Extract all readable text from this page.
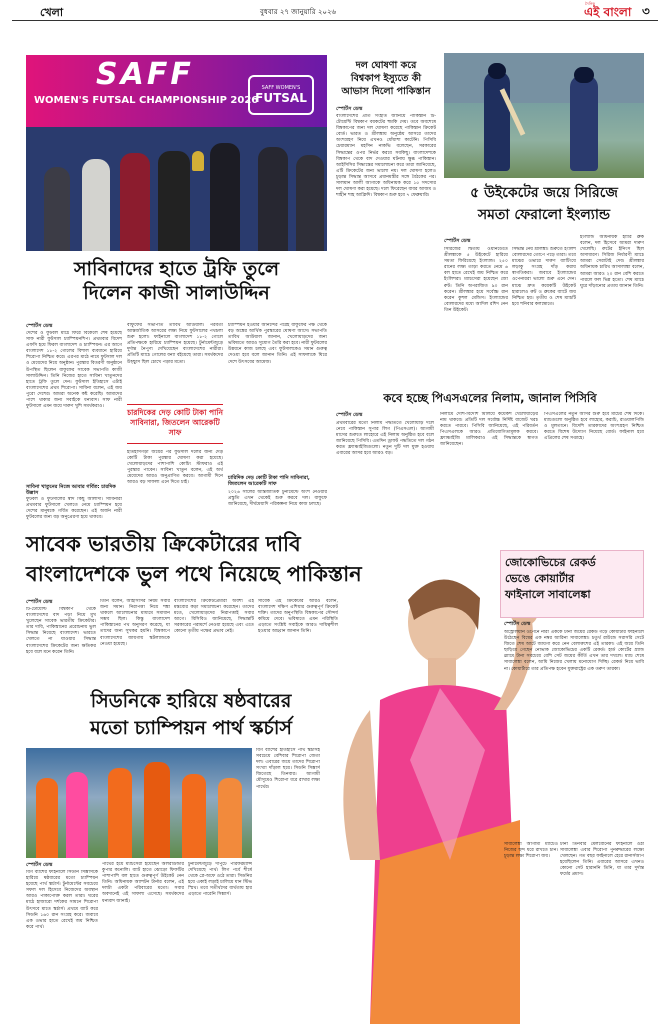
খেলা	বুধবার ২৭ জানুয়ারি ২০২৬
দৈনিক
এই বাংলা ৩
SAFF
WOMEN'S FUTSAL CHAMPIONSHIP 2026
SAFF WOMEN'S
FUTSAL
সাবিনাদের হাতে ট্রফি তুলে
দিলেন কাজী সালাউদ্দিন
স্পোর্টস ডেস্ক
দেশের ও ফুটবল মাঠে ফিরে বিকেলে শেষ হয়েছে সাফ নারী ফুটসাল চ্যাম্পিয়নশিপ। প্রথমবার বিদেশ এফসি হয়ে ফিরল বাংলাদেশ ও চ্যাম্পিয়ন। এর আগে বাংলাদেশ ১৮-২ গোলের বিশাল ব্যবধানে হারিয়ে শিরোপা নিশ্চিত করে। এরপর মাঠে নামে ফুটসাল দল ও মেয়েদের নিয়ে অনুষ্ঠান। পুরস্কার বিতরণী অনুষ্ঠানে উপস্থিত ছিলেন বাফুফের সাবেক সভাপতি কাজী সালাউদ্দিন। তিনি নিজের হাতে সাবিনা খাতুনদের হাতে ট্রফি তুলে দেন। ফুটসাল ইতিহাসে এটাই বাংলাদেশের প্রথম শিরোপা। সাবিনা বলেন, এই জয় পুরো দেশের। আমরা অনেক কষ্ট করেছি। আমাদের পাশে থাকার জন্য সবাইকে ধন্যবাদ। সাফ নারী ফুটসালে এমন জয়ে দারুণ খুশি সমর্থকরাও।
সাবিনা খাতুনের নিজে আবার গর্বিত: চারদিক উল্লাস
ফুটবল ও ফুটসালের স্বাদ কিছু আলাদা। সাবিনারা প্রথমবার ফুটসালে খেলতে নেমে চ্যাম্পিয়ন হয়ে দেশের মানুষকে গর্বিত করেছেন। এই অর্জন নারী ফুটবলের জন্য বড় অনুপ্রেরণা হয়ে থাকবে।
বাফুফের সভাপতি তাবিথ আউয়াল। পরবর্তী আন্তর্জাতিক আসরের লক্ষ্য নিয়ে ফুটসালের পথচলা শুরু হলো। ফাইনালে বাংলাদেশ ১৮-২ গোলে প্রতিপক্ষকে হারিয়ে চ্যাম্পিয়ন হয়েছে। টুর্নামেন্টজুড়ে দুর্দান্ত নৈপুণ্য দেখিয়েছেন বাংলাদেশের নারীরা। প্রতিটি ম্যাচে গোলের বন্যা বইয়েছে তারা। সমর্থকদের উচ্ছ্বাস ছিল চোখে পড়ার মতো।
চারদিকের দেড় কোটি টাকা পানি সাবিনারা, জিতলেন আরেকটি সাফ
ইতিহাসগড়া জয়ের পর ফুটসাল দলের জন্য দেড় কোটি টাকা পুরস্কার ঘোষণা করা হয়েছে। খেলোয়াড়দের পাশাপাশি কোচিং স্টাফরাও এই পুরস্কার পাবেন। সাবিনা খাতুন বলেন, এই অর্থ মেয়েদের আরও অনুপ্রাণিত করবে। আগামী দিনে আরও বড় সাফল্য এনে দিতে চাই।
চ্যাম্পিয়ন হওয়ার আনন্দের পরেই বাফুফের পক্ষ থেকে বড় অঙ্কের আর্থিক পুরস্কারের ঘোষণা আসে। সভাপতি তাবিথ আউয়াল জানান, খেলোয়াড়দের জন্য ভবিষ্যতে আরও সুযোগ তৈরি করা হবে। নারী ফুটবলের উন্নয়নে কাজ চলছে এবং ফুটসালকেও সমান গুরুত্ব দেওয়া হবে বলে জানান তিনি। এই সাফল্যকে ঘিরে দেশে উৎসবের আমেজ।
চারিদিক দেড় কোটি টাকা পানি সাবিনারা, জিতলেন আরেকটি সাফ
২০২৬ সালের আন্তর্জাতিক টুর্নামেন্টে অংশ নেওয়ার প্রস্তুতি এখন থেকেই শুরু করবে দল। বাফুফে জানিয়েছে, দীর্ঘমেয়াদি পরিকল্পনা নিয়ে কাজ চলছে।
দল ঘোষণা করে
বিশ্বকাপ ইস্যুতে কী
আভাস দিলো পাকিস্তান
স্পোর্টস ডেস্ক
বাংলাদেশের প্রতি সংহতি জানিয়ে পাকিস্তান টি-টোয়েন্টি বিশ্বকাপ বয়কটের হুমকি দেয়। তবে অবশেষে বিশ্বকাপের জন্য দল ঘোষণা করেছে পাকিস্তান ক্রিকেট বোর্ড। ভারত ও শ্রীলঙ্কায় অনুষ্ঠেয় আসরে তাদের অংশগ্রহণ নিয়ে এখনও ধোঁয়াশা কাটেনি। পিসিবি চেয়ারম্যান মহসিন নাকভি বলেছেন, সরকারের সিদ্ধান্তের ওপর নির্ভর করবে সবকিছু। বাংলাদেশকে বিশ্বকাপ থেকে বাদ দেওয়ার ঘটনায় ক্ষুব্ধ পাকিস্তান। আইসিসির সিদ্ধান্তের সমালোচনা করে তারা জানিয়েছে, এটি ক্রিকেটের জন্য ভালো নয়। দল ঘোষণা হলেও চূড়ান্ত সিদ্ধান্ত আসবে প্রধানমন্ত্রীর সঙ্গে বৈঠকের পর। সালমান আলী আগাকে অধিনায়ক করে ১৫ সদস্যের দল ঘোষণা করা হয়েছে। দলে ফিরেছেন বাবর আজম ও শাহীন শাহ আফ্রিদি। বিশ্বকাপ শুরু হবে ৭ ফেব্রুয়ারি।	৫ উইকেটের জয়ে সিরিজে
সমতা ফেরালো ইংল্যান্ড
স্পোর্টস ডেস্ক
সিরিজের দ্বিতীয় ওয়ানডেতে শ্রীলঙ্কাকে ৫ উইকেটে হারিয়ে সমতা ফিরিয়েছে ইংল্যান্ড। ২৫০ রানের লক্ষ্য তাড়া করতে নেমে ৬ বল হাতে রেখেই জয় নিশ্চিত করে ইংলিশরা। ম্যাচসেরা হয়েছেন জো রুট। তিনি অপরাজিত ৯০ রান করেন। শ্রীলঙ্কার হয়ে সর্বোচ্চ রান করেন কুশল মেন্ডিস। ইংল্যান্ডের বোলারদের মধ্যে আদিল রশিদ নেন তিন উইকেট।
সিদ্ধান্ত নেয় শ্রীলঙ্কা। শুরুতে ইংলিশ বোলারদের তোপে পড়ে তারা। তবে মাঝের ওভারে দারুণ ব্যাটিংয়ে লড়াকু সংগ্রহ দাঁড় করায় স্বাগতিকরা। জবাবে ইংল্যান্ডের ওপেনাররা ভালো শুরু এনে দেন। মাঝে দ্রুত কয়েকটি উইকেট হারালেও রুট ও ব্রুকের ব্যাটে জয় নিশ্চিত হয়। তৃতীয় ও শেষ ম্যাচটি হবে শনিবার কলম্বোতে।
ইংল্যান্ড অধিনায়ক হ্যারি ব্রুক বলেন, দল হিসেবে আমরা দারুণ খেলেছি। রুটের ইনিংস ছিল অসাধারণ। সিরিজ নির্ধারণী ম্যাচে আমরা সেরাটাই দেব। শ্রীলঙ্কার অধিনায়ক চারিথ আসালাঙ্কা বলেন, আমরা আরও ২০ রান বেশি করতে পারলে ফল ভিন্ন হতো। শেষ ম্যাচে ঘুরে দাঁড়ানোর প্রত্যয় জানান তিনি।
কবে হচ্ছে পিএসএলের নিলাম, জানাল পিসিবি
স্পোর্টস ডেস্ক
প্রথমবারের মতো নিলাম পদ্ধতিতে খেলোয়াড় দলে নেবে পাকিস্তান সুপার লিগ (পিএসএল)। আগামী মাসের শুরুতে লাহোরে এই নিলাম অনুষ্ঠিত হবে বলে জানিয়েছে পিসিবি। এতদিন ড্রাফট পদ্ধতিতে দল গঠন করত ফ্র্যাঞ্চাইজিগুলো। নতুন দুটি দল যুক্ত হওয়ায় এবারের আসর হবে আরও বড়।
নিলামে দেশি-বিদেশি মিলিয়ে কয়েকশ খেলোয়াড়ের নাম থাকবে। প্রতিটি দল সর্বোচ্চ নির্দিষ্ট বাজেট খরচ করতে পারবে। পিসিবি জানিয়েছে, এই পরিবর্তন পিএসএলকে আরও প্রতিযোগিতামূলক করবে। ফ্র্যাঞ্চাইজি মালিকরাও এই সিদ্ধান্তকে স্বাগত জানিয়েছেন।
পিএসএলের নতুন আসর শুরু হবে মার্চের শেষ দিকে। ম্যাচগুলো অনুষ্ঠিত হবে লাহোর, করাচি, রাওয়ালপিন্ডি ও মুলতানে। বিদেশি তারকাদের অংশগ্রহণ নিশ্চিত করতে বিশেষ উদ্যোগ নিয়েছে বোর্ড। ফাইনাল হবে এপ্রিলের শেষ সপ্তাহে।
সাবেক ভারতীয় ক্রিকেটারের দাবি
বাংলাদেশকে ভুল পথে নিয়েছে পাকিস্তান
স্পোর্টস ডেস্ক
টি-টোয়েন্টি বিশ্বকাপ থেকে বাংলাদেশের বাদ পড়া নিয়ে মুখ খুলেছেন সাবেক ভারতীয় ক্রিকেটার। তার দাবি, পাকিস্তানের প্ররোচনায় ভুল সিদ্ধান্ত নিয়েছে বাংলাদেশ। ভারতে খেলতে না যাওয়ার সিদ্ধান্ত বাংলাদেশের ক্রিকেটের জন্য ক্ষতিকর হবে বলে মনে করেন তিনি।
তিনি বলেন, আইসিসির নিয়ম সবার জন্য সমান। নিরাপত্তা নিয়ে শঙ্কা থাকলে আলোচনার মাধ্যমে সমাধান সম্ভব ছিল। কিন্তু বাংলাদেশ পাকিস্তানের পথ অনুসরণ করেছে, যা তাদের জন্য সুখকর হয়নি। বিশ্বকাপে বাংলাদেশের জায়গায় স্কটল্যান্ডকে নেওয়া হয়েছে।
বাংলাদেশের ক্রিকেটপ্রেমীরা অবশ্য এই মন্তব্যের কড়া সমালোচনা করেছেন। তাদের মতে, খেলোয়াড়দের নিরাপত্তাই সবার আগে। বিসিবিও জানিয়েছে, সিদ্ধান্তটি সরকারের পরামর্শে নেওয়া হয়েছে এবং এতে কোনো তৃতীয় পক্ষের প্রভাব নেই।
সাবেক এই ক্রিকেটার আরও বলেন, বাংলাদেশ দক্ষিণ এশিয়ার গুরুত্বপূর্ণ ক্রিকেট শক্তি। তাদের অনুপস্থিতি বিশ্বকাপের সৌন্দর্য কমিয়ে দেবে। ভবিষ্যতে এমন পরিস্থিতি এড়াতে সংশ্লিষ্ট সবাইকে আরও দায়িত্বশীল হওয়ার আহ্বান জানান তিনি।
জোকোভিচের রেকর্ড
ভেঙে কোয়ার্টার
ফাইনালে সাবালেঙ্কা
স্পোর্টস ডেস্ক
অস্ট্রেলিয়ান ওপেনে নারী এককে টানা জয়ের রেকর্ড গড়ে কোয়ার্টার ফাইনালে উঠেছেন বিশ্বের এক নম্বর আরিনা সাবালেঙ্কা। চতুর্থ রাউন্ডে সরাসরি সেটে জিতে শেষ আটে জায়গা করে নেন বেলারুশের এই তারকা। এই জয়ে তিনি ছাড়িয়ে গেছেন নোভাক জোকোভিচের একটি রেকর্ড। হার্ড কোর্টের গ্র্যান্ড স্ল্যামে টানা সবচেয়ে বেশি সেট জয়ের কীর্তি এখন তার দখলে। ম্যাচ শেষে সাবালেঙ্কা বলেন, আমি নিজের খেলায় মনোযোগ দিচ্ছি। রেকর্ড নিয়ে ভাবি না। কোয়ার্টারে তার প্রতিপক্ষ হবেন যুক্তরাষ্ট্রের এক তরুণ তারকা।
টানা তিনবার মেলবোর্নের ফাইনালে ওঠা সাবালেঙ্কা এবার শিরোপা পুনরুদ্ধারের লক্ষ্যে খেলছেন। গত বছর ফাইনালে হেরে রানার্সআপ হয়েছিলেন তিনি। এবারের আসরে এখনও কোনো সেট হারাননি তিনি, যা তার দুর্দান্ত ফর্মের প্রমাণ।
সিডনিকে হারিয়ে ষষ্ঠবারের
মতো চ্যাম্পিয়ন পার্থ স্কর্চার্স
স্পোর্টস ডেস্ক
বিগ ব্যাশের ফাইনালে সিডনি সিক্সার্সকে হারিয়ে ষষ্ঠবারের মতো চ্যাম্পিয়ন হয়েছে পার্থ স্কর্চার্স। টুর্নামেন্টের সবচেয়ে সফল দল হিসেবে নিজেদের অবস্থান আরও পাকাপোক্ত করল তারা। ঘরের মাঠে হাজারো দর্শকের সামনে শিরোপা উৎসবে মাতে স্কর্চার্স। প্রথমে ব্যাট করে সিডনি ১৬০ রান সংগ্রহ করে। জবাবে এক ওভার হাতে রেখেই জয় নিশ্চিত করে পার্থ।
পার্থের হয়ে ম্যাচসেরা হয়েছেন অলরাউন্ডার কুপার কনোলি। ব্যাট হাতে ঝোড়ো ফিফটির পাশাপাশি বল হাতে গুরুত্বপূর্ণ উইকেট নেন তিনি। অধিনায়ক অ্যাশটন টার্নার বলেন, এই দলটা একটা পরিবারের মতো। সবার অবদানেই এই সাফল্য এসেছে। সমর্থকদের ধন্যবাদ জানাই।
টুর্নামেন্টজুড়ে দাপুটে পারফরম্যান্স দেখিয়েছে পার্থ। লিগ পর্বে শীর্ষে থেকে প্লে-অফে ওঠে তারা। সিডনির হয়ে একাই লড়াই চালিয়ে যান স্টিভ স্মিথ। তবে সতীর্থদের ব্যর্থতায় হার এড়াতে পারেনি সিক্সার্স।
বিগ ব্যাশের ইতিহাসে পার্থ স্কর্চার্সই সবচেয়ে বেশিবার শিরোপা জেতা দল। এবারের জয়ে তাদের শিরোপা সংখ্যা দাঁড়াল ছয়ে। সিডনি সিক্সার্স জিতেছে তিনবার। আগামী মৌসুমেও শিরোপা ধরে রাখার লক্ষ্য পার্থের।
সাবালেঙ্কা আগামী ম্যাচেও নিজের ছন্দ ধরে রাখতে চান। চূড়ান্ত লক্ষ্য শিরোপা জয়।
